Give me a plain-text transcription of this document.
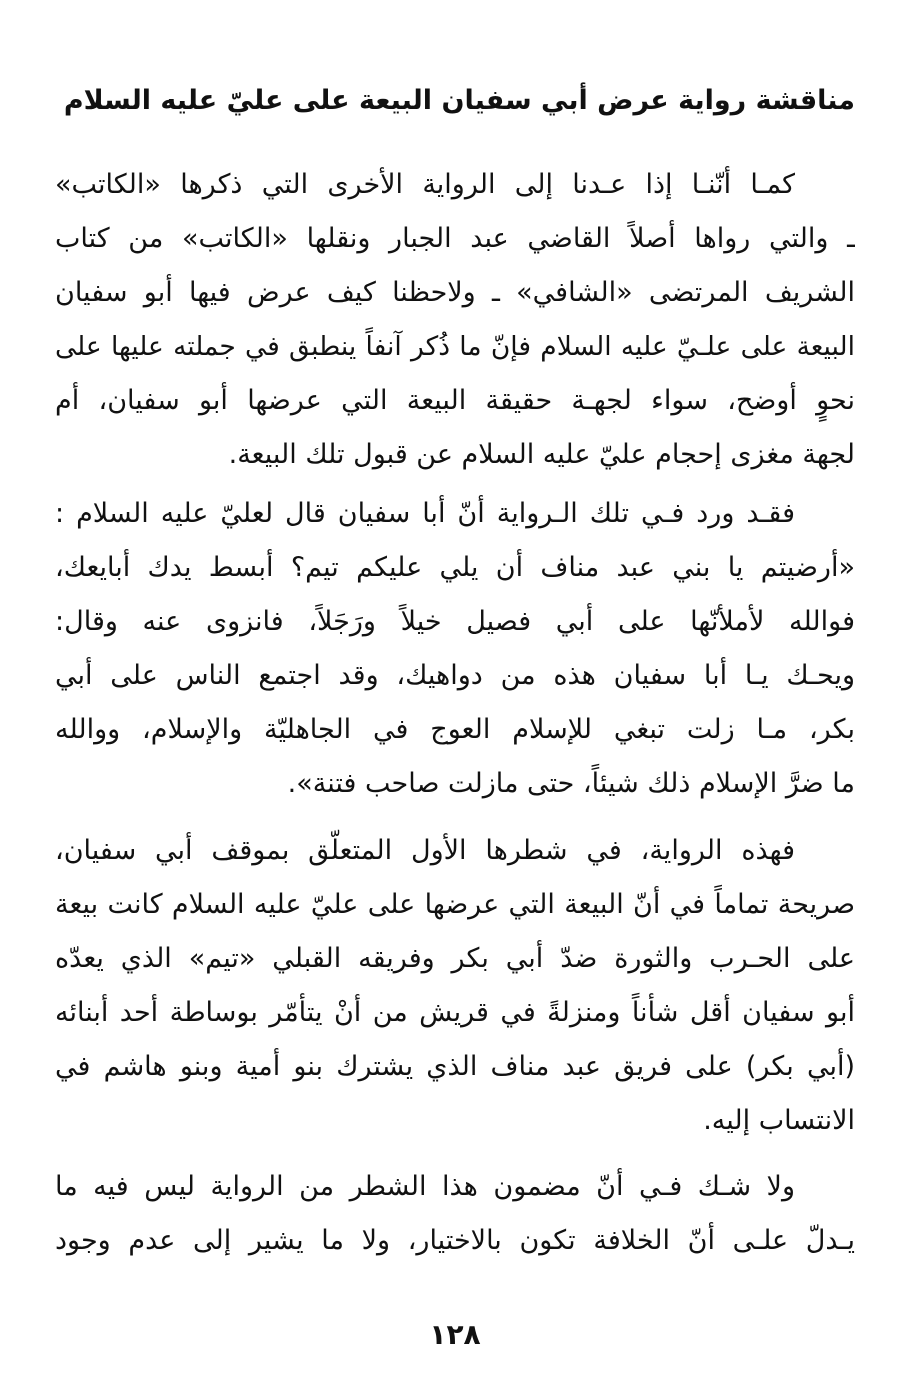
مناقشة رواية عرض أبي سفيان البيعة على عليّ عليه السلام
كمـا أنّنـا إذا عـدنا إلى الرواية الأخرى التي ذكرها «الكاتب»
ـ والتي رواها أصلاً القاضي عبد الجبار ونقلها «الكاتب» من كتاب
الشريف المرتضى «الشافي» ـ ولاحظنا كيف عرض فيها أبو سفيان
البيعة على علـيّ عليه السلام فإنّ ما ذُكر آنفاً ينطبق في جملته عليها على
نحوٍ أوضح، سواء لجهـة حقيقة البيعة التي عرضها أبو سفيان، أم
لجهة مغزى إحجام عليّ عليه السلام عن قبول تلك البيعة.
فقـد ورد فـي تلك الـرواية أنّ أبا سفيان قال لعليّ عليه السلام :
«أرضيتم يا بني عبد مناف أن يلي عليكم تيم؟ أبسط يدك أبايعك،
فوالله لأملأنّها على أبي فصيل خيلاً ورَجَلاً، فانزوى عنه وقال:
ويحـك يـا أبا سفيان هذه من دواهيك، وقد اجتمع الناس على أبي
بكر، مـا زلت تبغي للإسلام العوج في الجاهليّة والإسلام، ووالله
ما ضرَّ الإسلام ذلك شيئاً، حتى مازلت صاحب فتنة».
فهذه الرواية، في شطرها الأول المتعلّق بموقف أبي سفيان،
صريحة تماماً في أنّ البيعة التي عرضها على عليّ عليه السلام كانت بيعة
على الحـرب والثورة ضدّ أبي بكر وفريقه القبلي «تيم» الذي يعدّه
أبو سفيان أقل شأناً ومنزلةً في قريش من أنْ يتأمّر بوساطة أحد أبنائه
(أبي بكر) على فريق عبد مناف الذي يشترك بنو أمية وبنو هاشم في
الانتساب إليه.
ولا شـك فـي أنّ مضمون هذا الشطر من الرواية ليس فيه ما
يـدلّ علـى أنّ الخلافة تكون بالاختيار، ولا ما يشير إلى عدم وجود
١٢٨
